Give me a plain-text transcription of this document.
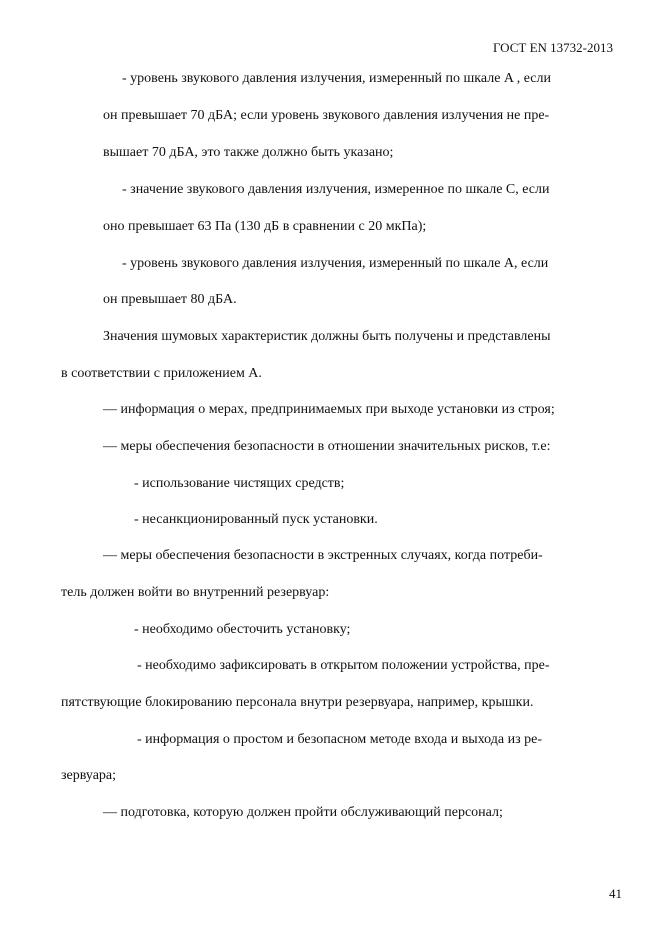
ГОСТ EN 13732-2013
- уровень звукового давления излучения, измеренный по шкале A , если
он превышает 70 дБА; если уровень звукового давления излучения не пре-
вышает 70 дБА, это также должно быть указано;
- значение звукового давления излучения, измеренное по шкале C, если
оно превышает 63 Па (130 дБ в сравнении с 20 мкПа);
- уровень звукового давления излучения, измеренный по шкале A, если
он превышает 80 дБА.
Значения шумовых характеристик должны быть получены и представлены
в соответствии с приложением А.
— информация о мерах, предпринимаемых при выходе установки из строя;
— меры обеспечения безопасности в отношении значительных рисков, т.е:
- использование чистящих средств;
- несанкционированный пуск установки.
— меры обеспечения безопасности в экстренных случаях, когда потреби-
тель должен войти во внутренний резервуар:
- необходимо обесточить установку;
- необходимо зафиксировать в открытом положении устройства, пре-
пятствующие блокированию персонала внутри резервуара, например, крышки.
- информация о простом и безопасном методе входа и выхода из ре-
зервуара;
— подготовка, которую должен пройти обслуживающий персонал;
41
